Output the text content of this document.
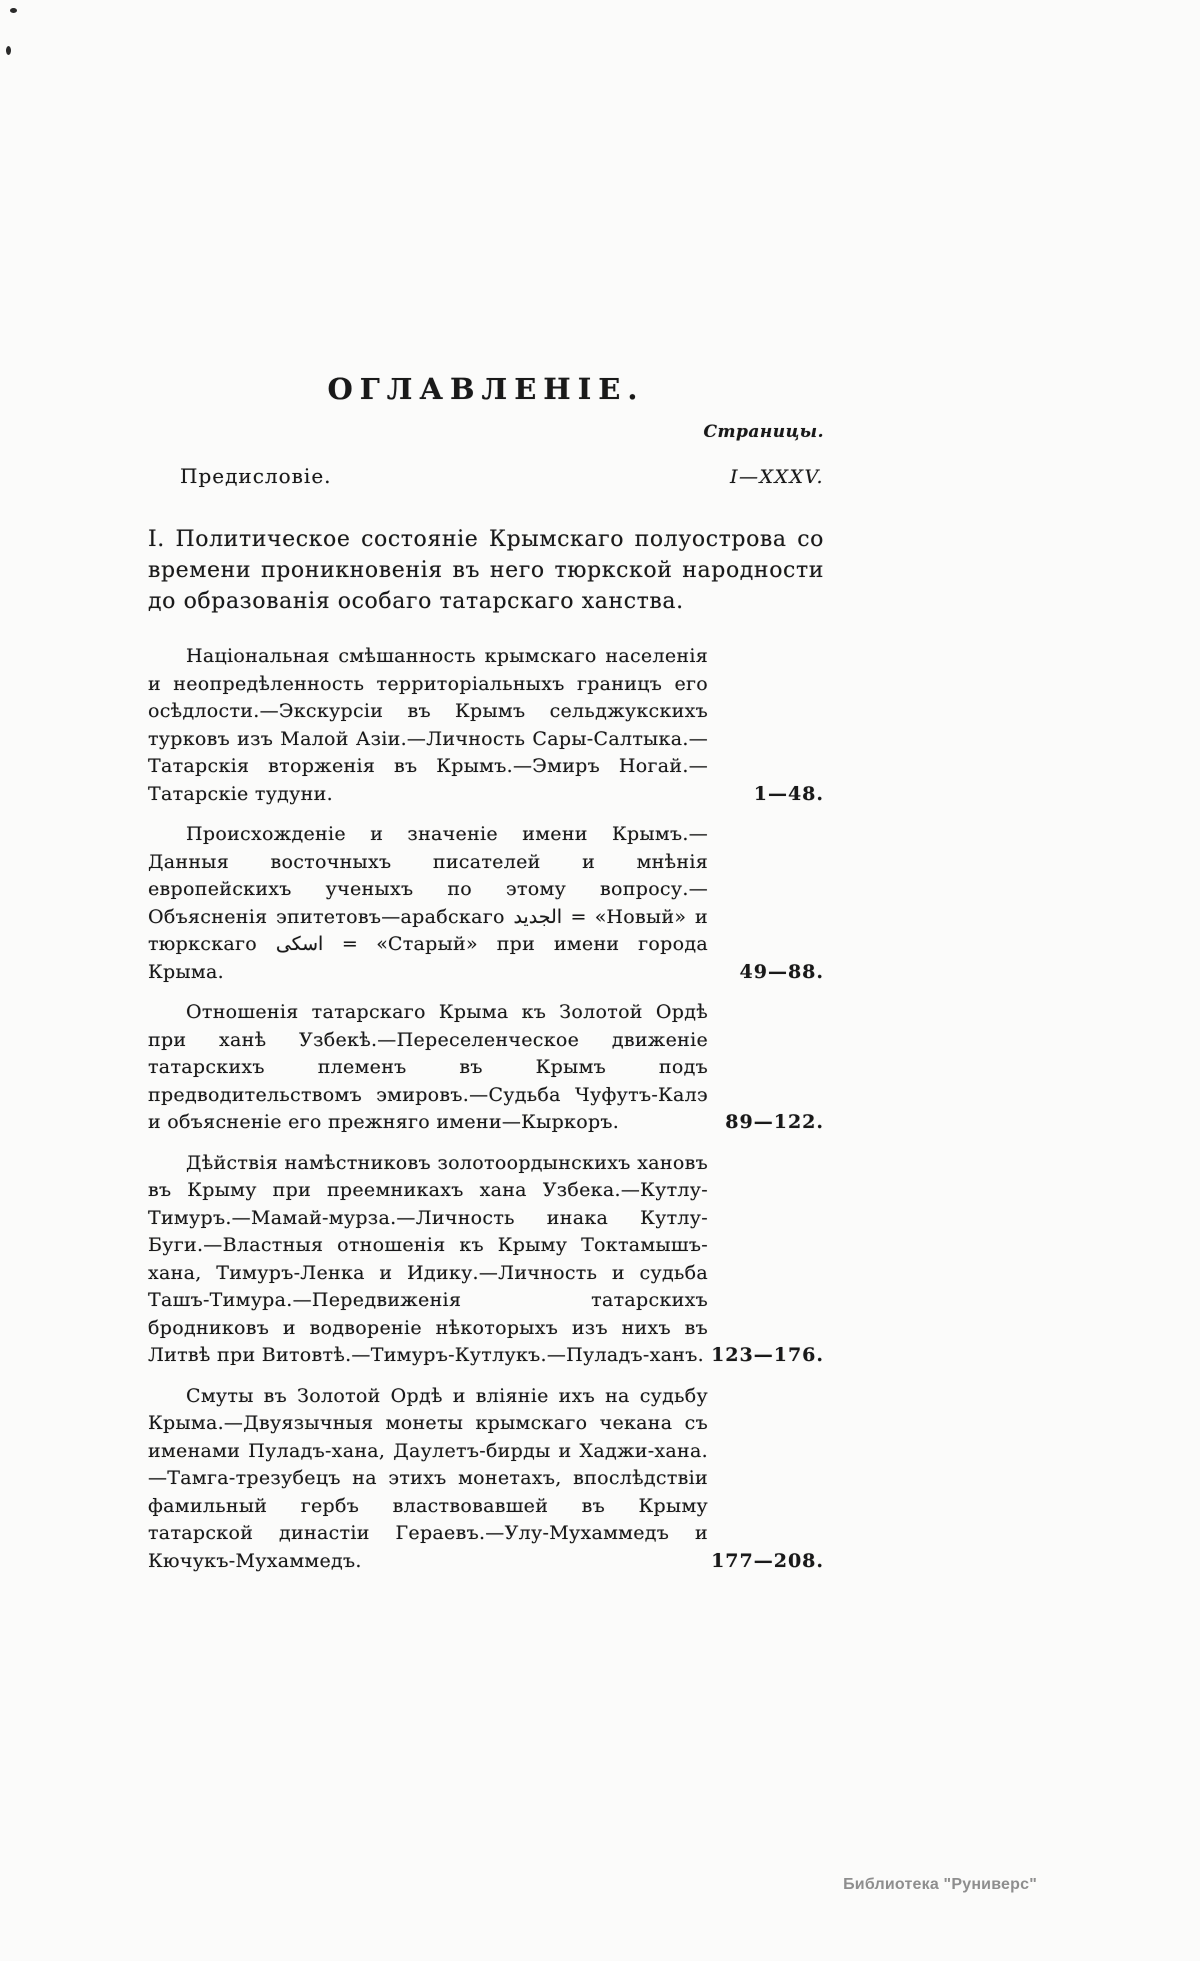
ОГЛАВЛЕНІЕ.
Страницы.
Предисловіе.	I—XXXV.
I. Политическое состояніе Крымскаго полуострова со времени проникновенія въ него тюркской народности до образованія особаго татарскаго ханства.
Національная смѣшанность крымскаго населенія и неопредѣленность территоріальныхъ границъ его осѣдлости.—Экскурсіи въ Крымъ сельджукскихъ турковъ изъ Малой Азіи.—Личность Сары-Салтыка.—Татарскія вторженія въ Крымъ.—Эмиръ Ногай.—Татарскіе тудуни.	1—48.
Происхожденіе и значеніе имени Крымъ.—Данныя восточныхъ писателей и мнѣнія европейскихъ ученыхъ по этому вопросу.—Объясненія эпитетовъ—арабскаго الجديد = «Новый» и тюркскаго اسكى = «Старый» при имени города Крыма.	49—88.
Отношенія татарскаго Крыма къ Золотой Ордѣ при ханѣ Узбекѣ.—Переселенческое движеніе татарскихъ племенъ въ Крымъ подъ предводительствомъ эмировъ.—Судьба Чуфутъ-Калэ и объясненіе его прежняго имени—Кыркоръ.	89—122.
Дѣйствія намѣстниковъ золотоордынскихъ хановъ въ Крыму при преемникахъ хана Узбека.—Кутлу-Тимуръ.—Мамай-мурза.—Личность инака Кутлу-Буги.—Властныя отношенія къ Крыму Токтамышъ-хана, Тимуръ-Ленка и Идику.—Личность и судьба Ташъ-Тимура.—Передвиженія татарскихъ бродниковъ и водвореніе нѣкоторыхъ изъ нихъ въ Литвѣ при Витовтѣ.—Тимуръ-Кутлукъ.—Пуладъ-ханъ. 123—176.
Смуты въ Золотой Ордѣ и вліяніе ихъ на судьбу Крыма.—Двуязычныя монеты крымскаго чекана съ именами Пуладъ-хана, Даулетъ-бирды и Хаджи-хана.—Тамга-трезубецъ на этихъ монетахъ, впослѣдствіи фамильный гербъ властвовавшей въ Крыму татарской династіи Гераевъ.—Улу-Мухаммедъ и Кючукъ-Мухаммедъ.	177—208.
Библиотека "Руниверс"
